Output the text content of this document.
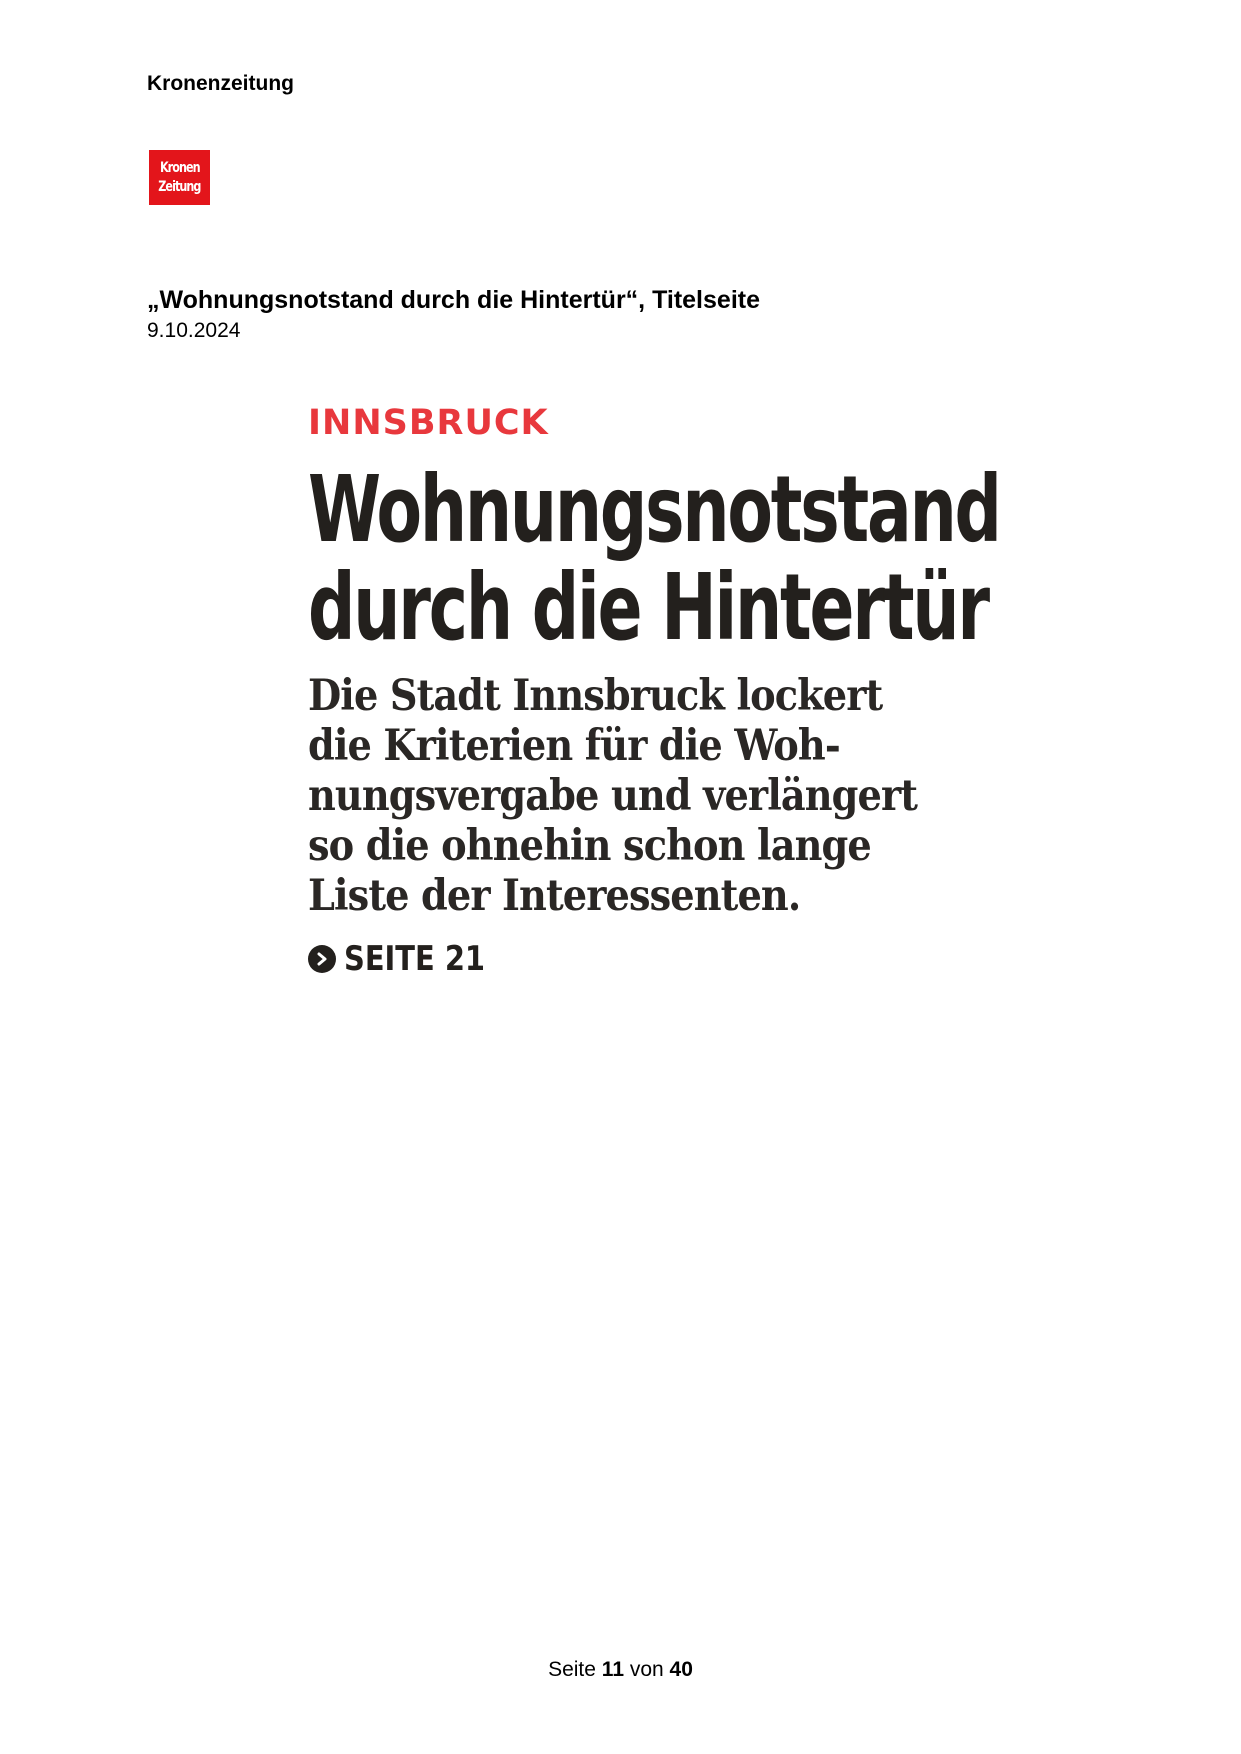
Kronenzeitung
Kronen
Zeitung
„Wohnungsnotstand durch die Hintertür“, Titelseite
9.10.2024
INNSBRUCK
Wohnungsnotstand
durch die Hintertür
Die Stadt Innsbruck lockert
die Kriterien für die Woh-
nungsvergabe und verlängert
so die ohnehin schon lange
Liste der Interessenten.
SEITE 21
Seite 11 von 40
